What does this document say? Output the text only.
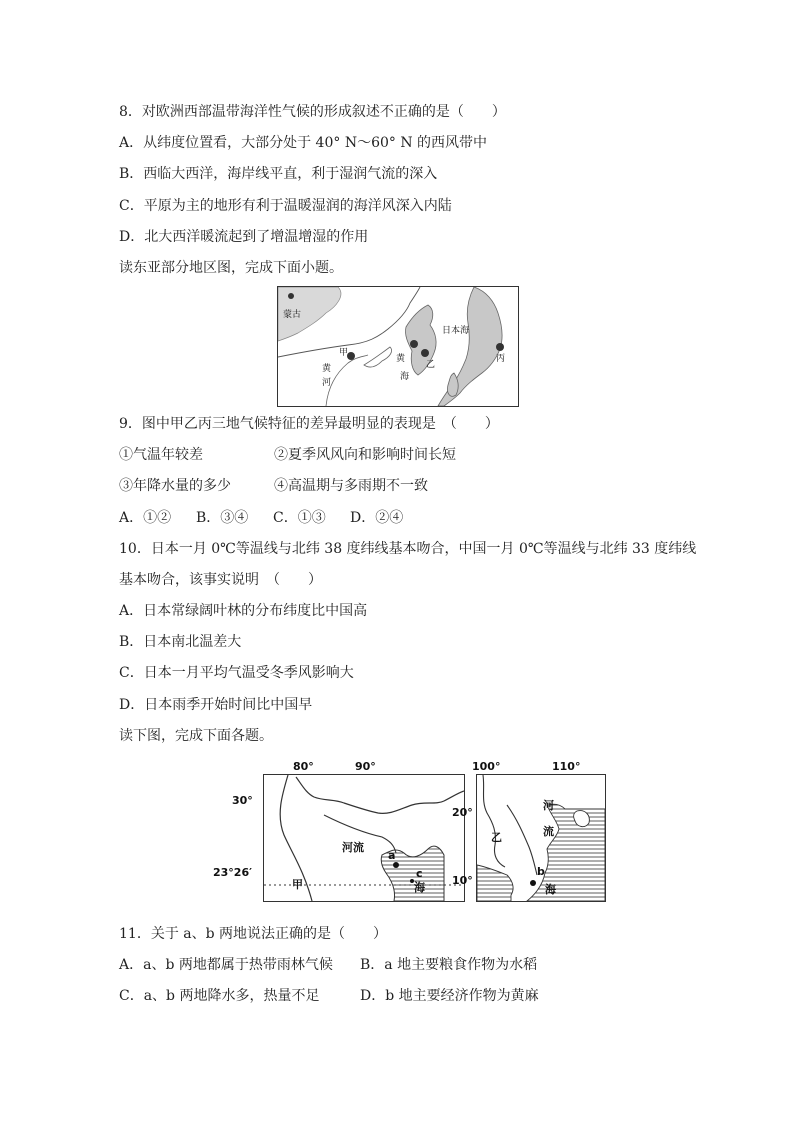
8．对欧洲西部温带海洋性气候的形成叙述不正确的是（　　）
A．从纬度位置看，大部分处于 40° N～60° N 的西风带中
B．西临大西洋，海岸线平直，利于湿润气流的深入
C．平原为主的地形有利于温暖湿润的海洋风深入内陆
D．北大西洋暖流起到了增温增湿的作用
读东亚部分地区图，完成下面小题。
蒙古
甲
黄
河
黄
海
乙
日本海
丙
9．图中甲乙丙三地气候特征的差异最明显的表现是　（　　）
①气温年较差	②夏季风风向和影响时间长短
③年降水量的多少	④高温期与多雨期不一致
A．①② B．③④ C．①③ D．②④
10．日本一月 0℃等温线与北纬 38 度纬线基本吻合，中国一月 0℃等温线与北纬 33 度纬线
基本吻合，该事实说明　（　　）
A．日本常绿阔叶林的分布纬度比中国高
B．日本南北温差大
C．日本一月平均气温受冬季风影响大
D．日本雨季开始时间比中国早
读下图，完成下面各题。
河流
a
甲
c
海
80°	90°
30°
23°26′
河
流
乙
b
海
100°	110°
20°
10°
11．关于 a、b 两地说法正确的是（　　）
A．a、b 两地都属于热带雨林气候 B．a 地主要粮食作物为水稻
C．a、b 两地降水多，热量不足	D．b 地主要经济作物为黄麻
